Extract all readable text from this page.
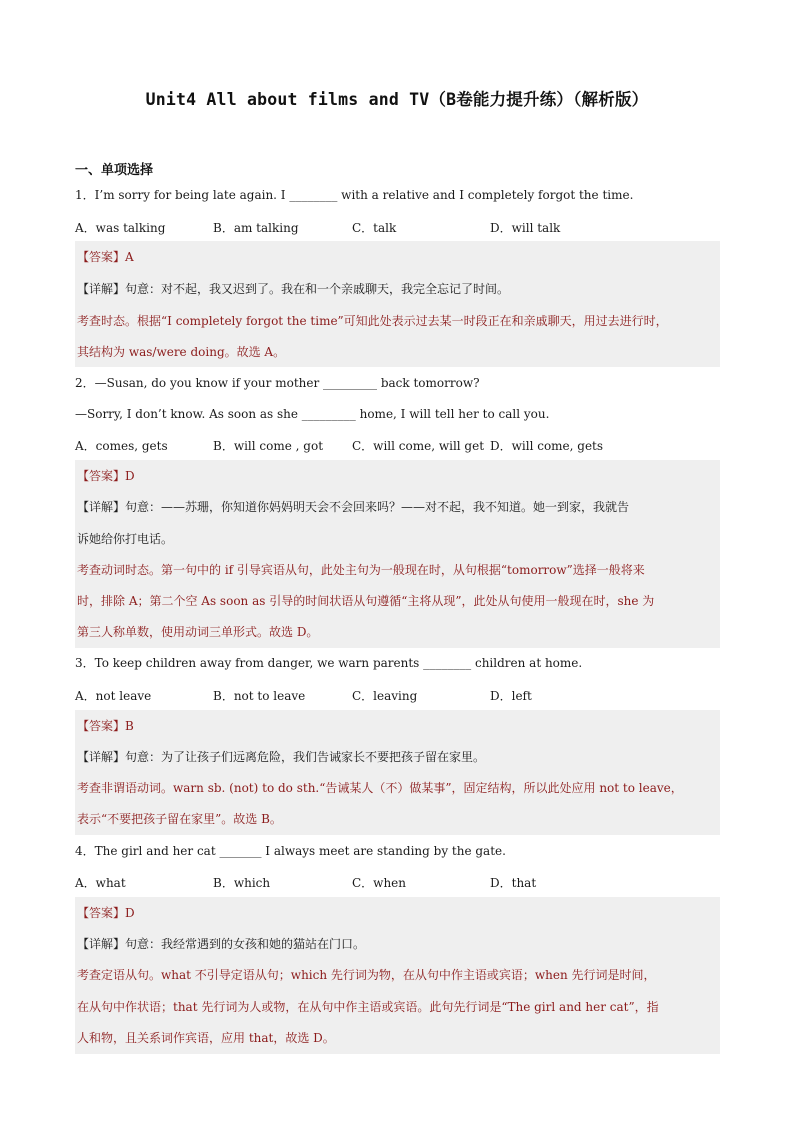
Unit4 All about films and TV（B卷能力提升练）（解析版）
一、单项选择
1．I’m sorry for being late again. I ________ with a relative and I completely forgot the time.
A．was talking	B．am talking	C．talk	D．will talk
【答案】A
【详解】句意：对不起，我又迟到了。我在和一个亲戚聊天，我完全忘记了时间。
考查时态。根据“I completely forgot the time”可知此处表示过去某一时段正在和亲戚聊天，用过去进行时，
其结构为 was/were doing。故选 A。
2．—Susan, do you know if your mother _________ back tomorrow?
—Sorry, I don’t know. As soon as she _________ home, I will tell her to call you.
A．comes, gets	B．will come , got C．will come, will get D．will come, gets
【答案】D
【详解】句意：——苏珊，你知道你妈妈明天会不会回来吗？——对不起，我不知道。她一到家，我就告
诉她给你打电话。
考查动词时态。第一句中的 if 引导宾语从句，此处主句为一般现在时，从句根据“tomorrow”选择一般将来
时，排除 A；第二个空 As soon as 引导的时间状语从句遵循“主将从现”，此处从句使用一般现在时，she 为
第三人称单数，使用动词三单形式。故选 D。
3．To keep children away from danger, we warn parents ________ children at home.
A．not leave	B．not to leave	C．leaving	D．left
【答案】B
【详解】句意：为了让孩子们远离危险，我们告诫家长不要把孩子留在家里。
考查非谓语动词。warn sb. (not) to do sth.“告诫某人（不）做某事”，固定结构，所以此处应用 not to leave，
表示“不要把孩子留在家里”。故选 B。
4．The girl and her cat _______ I always meet are standing by the gate.
A．what	B．which	C．when	D．that
【答案】D
【详解】句意：我经常遇到的女孩和她的猫站在门口。
考查定语从句。what 不引导定语从句；which 先行词为物，在从句中作主语或宾语；when 先行词是时间，
在从句中作状语；that 先行词为人或物，在从句中作主语或宾语。此句先行词是“The girl and her cat”，指
人和物，且关系词作宾语，应用 that，故选 D。
